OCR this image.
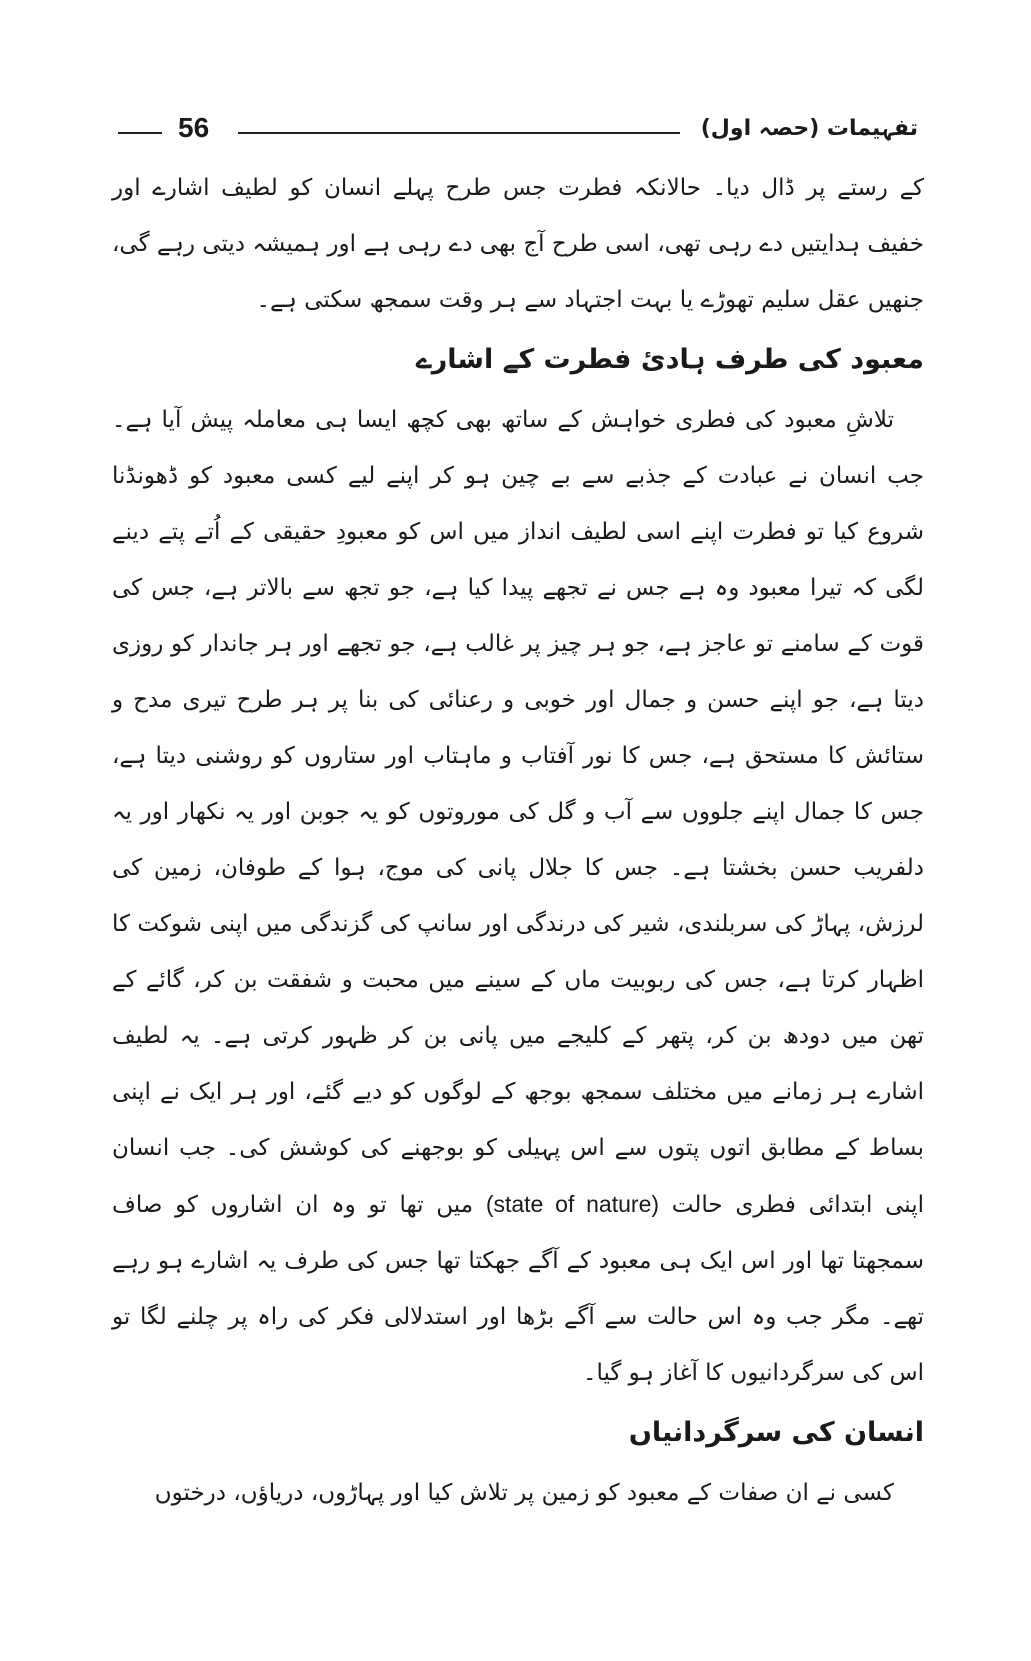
56	تفہیمات (حصہ اول)

کے رستے پر ڈال دیا۔ حالانکہ فطرت جس طرح پہلے انسان کو لطیف اشارے اور خفیف ہدایتیں دے رہی تھی، اسی طرح آج بھی دے رہی ہے اور ہمیشہ دیتی رہے گی، جنھیں عقل سلیم تھوڑے یا بہت اجتہاد سے ہر وقت سمجھ سکتی ہے۔

معبود کی طرف ہادیٔ فطرت کے اشارے

تلاشِ معبود کی فطری خواہش کے ساتھ بھی کچھ ایسا ہی معاملہ پیش آیا ہے۔ جب انسان نے عبادت کے جذبے سے بے چین ہو کر اپنے لیے کسی معبود کو ڈھونڈنا شروع کیا تو فطرت اپنے اسی لطیف انداز میں اس کو معبودِ حقیقی کے اُتے پتے دینے لگی کہ تیرا معبود وہ ہے جس نے تجھے پیدا کیا ہے، جو تجھ سے بالاتر ہے، جس کی قوت کے سامنے تو عاجز ہے، جو ہر چیز پر غالب ہے، جو تجھے اور ہر جاندار کو روزی دیتا ہے، جو اپنے حسن و جمال اور خوبی و رعنائی کی بنا پر ہر طرح تیری مدح و ستائش کا مستحق ہے، جس کا نور آفتاب و ماہتاب اور ستاروں کو روشنی دیتا ہے، جس کا جمال اپنے جلووں سے آب و گل کی موروتوں کو یہ جوبن اور یہ نکھار اور یہ دلفریب حسن بخشتا ہے۔ جس کا جلال پانی کی موج، ہوا کے طوفان، زمین کی لرزش، پہاڑ کی سربلندی، شیر کی درندگی اور سانپ کی گزندگی میں اپنی شوکت کا اظہار کرتا ہے، جس کی ربوبیت ماں کے سینے میں محبت و شفقت بن کر، گائے کے تھن میں دودھ بن کر، پتھر کے کلیجے میں پانی بن کر ظہور کرتی ہے۔ یہ لطیف اشارے ہر زمانے میں مختلف سمجھ بوجھ کے لوگوں کو دیے گئے، اور ہر ایک نے اپنی بساط کے مطابق اتوں پتوں سے اس پہیلی کو بوجھنے کی کوشش کی۔ جب انسان اپنی ابتدائی فطری حالت (state of nature) میں تھا تو وہ ان اشاروں کو صاف سمجھتا تھا اور اس ایک ہی معبود کے آگے جھکتا تھا جس کی طرف یہ اشارے ہو رہے تھے۔ مگر جب وہ اس حالت سے آگے بڑھا اور استدلالی فکر کی راہ پر چلنے لگا تو اس کی سرگردانیوں کا آغاز ہو گیا۔

انسان کی سرگردانیاں

کسی نے ان صفات کے معبود کو زمین پر تلاش کیا اور پہاڑوں، دریاؤں، درختوں
